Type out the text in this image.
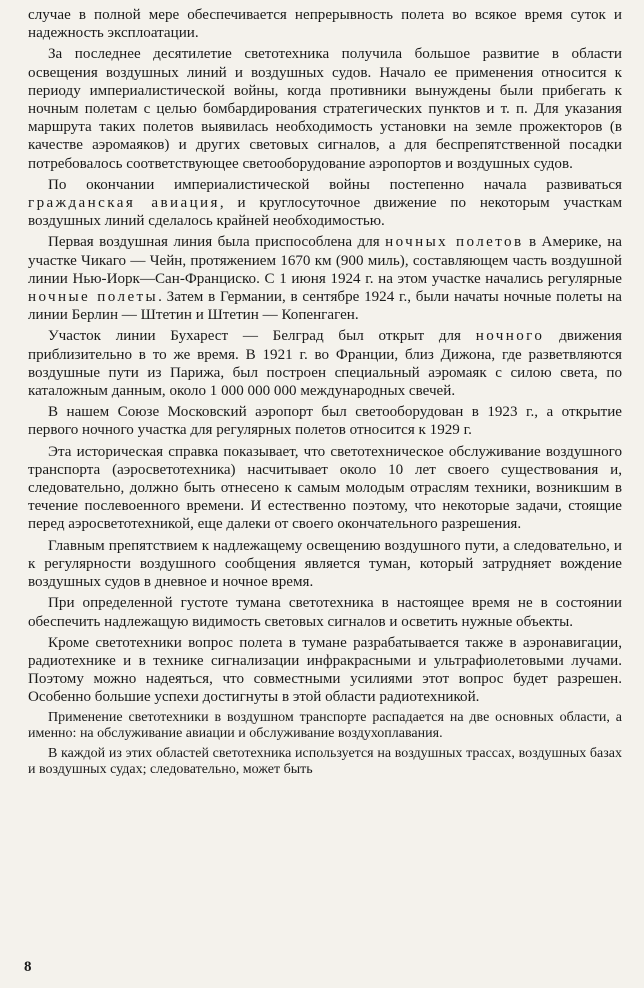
случае в полной мере обеспечивается непрерывность полета во всякое время суток и надежность эксплоатации.

За последнее десятилетие светотехника получила большое развитие в области освещения воздушных линий и воздушных судов. Начало ее применения относится к периоду империалистической войны, когда противники вынуждены были прибегать к ночным полетам с целью бомбардирования стратегических пунктов и т. п. Для указания маршрута таких полетов выявилась необходимость установки на земле прожекторов (в качестве аэромаяков) и других световых сигналов, а для беспрепятственной посадки потребовалось соответствующее светооборудование аэропортов и воздушных судов.

По окончании империалистической войны постепенно начала развиваться гражданская авиация, и круглосуточное движение по некоторым участкам воздушных линий сделалось крайней необходимостью.

Первая воздушная линия была приспособлена для ночных полетов в Америке, на участке Чикаго — Чейн, протяжением 1670 км (900 миль), составляющем часть воздушной линии Нью-Иорк—Сан-Франциско. С 1 июня 1924 г. на этом участке начались регулярные ночные полеты. Затем в Германии, в сентябре 1924 г., были начаты ночные полеты на линии Берлин — Штетин и Штетин — Копенгаген.

Участок линии Бухарест — Белград был открыт для ночного движения приблизительно в то же время. В 1921 г. во Франции, близ Дижона, где разветвляются воздушные пути из Парижа, был построен специальный аэромаяк с силою света, по каталожным данным, около 1 000 000 000 международных свечей.

В нашем Союзе Московский аэропорт был светооборудован в 1923 г., а открытие первого ночного участка для регулярных полетов относится к 1929 г.

Эта историческая справка показывает, что светотехническое обслуживание воздушного транспорта (аэросветотехника) насчитывает около 10 лет своего существования и, следовательно, должно быть отнесено к самым молодым отраслям техники, возникшим в течение послевоенного времени. И естественно поэтому, что некоторые задачи, стоящие перед аэросветотехникой, еще далеки от своего окончательного разрешения.

Главным препятствием к надлежащему освещению воздушного пути, а следовательно, и к регулярности воздушного сообщения является туман, который затрудняет вождение воздушных судов в дневное и ночное время.

При определенной густоте тумана светотехника в настоящее время не в состоянии обеспечить надлежащую видимость световых сигналов и осветить нужные объекты.

Кроме светотехники вопрос полета в тумане разрабатывается также в аэронавигации, радиотехнике и в технике сигнализации инфракрасными и ультрафиолетовыми лучами. Поэтому можно надеяться, что совместными усилиями этот вопрос будет разрешен. Особенно большие успехи достигнуты в этой области радиотехникой.

Применение светотехники в воздушном транспорте распадается на две основных области, а именно: на обслуживание авиации и обслуживание воздухоплавания.

В каждой из этих областей светотехника используется на воздушных трассах, воздушных базах и воздушных судах; следовательно, может быть

8
